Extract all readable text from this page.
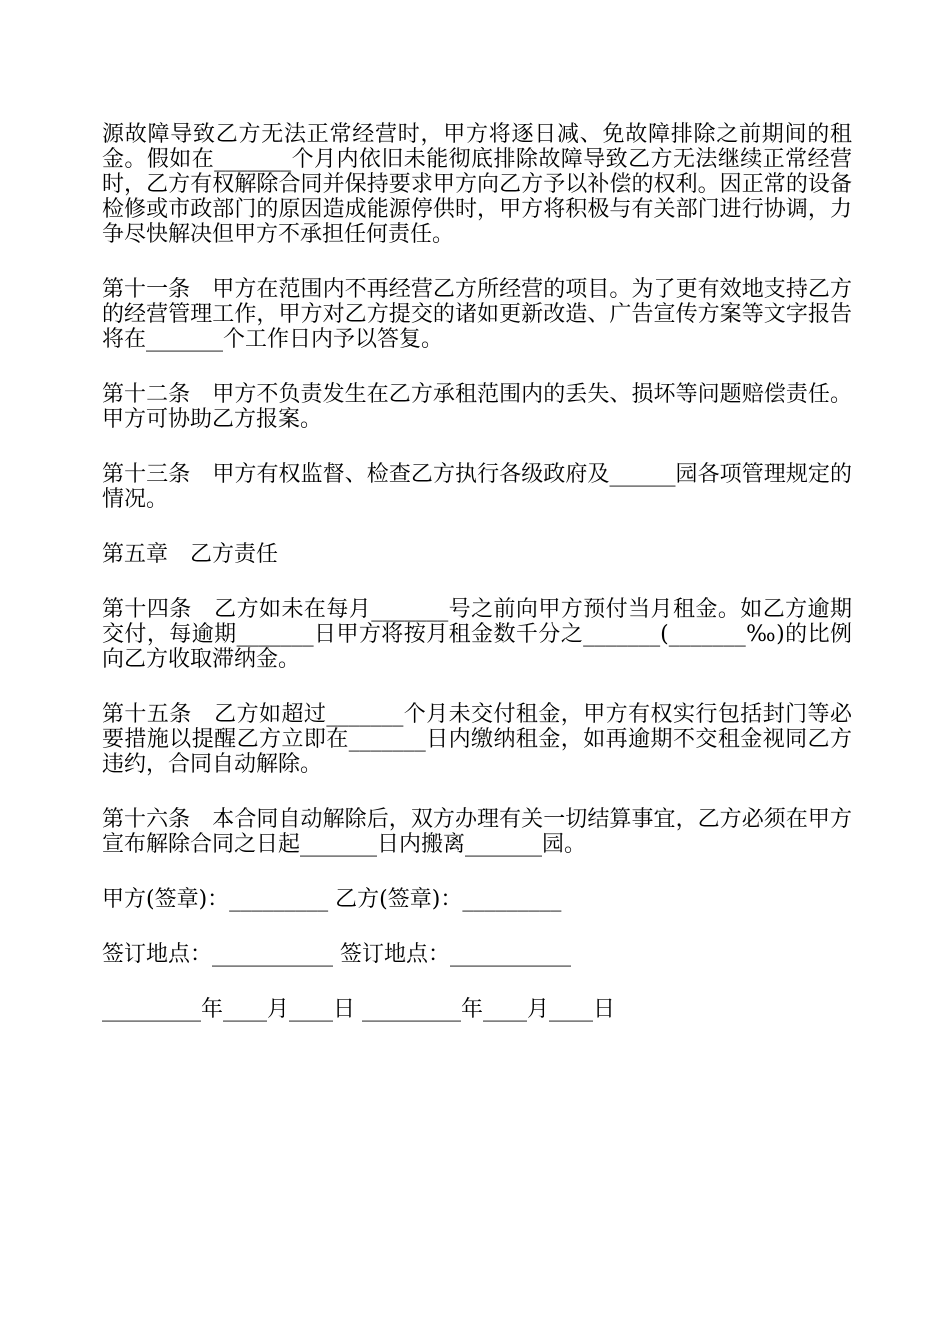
源故障导致乙方无法正常经营时，甲方将逐日减、免故障排除之前期间的租金。假如在_______个月内依旧未能彻底排除故障导致乙方无法继续正常经营时，乙方有权解除合同并保持要求甲方向乙方予以补偿的权利。因正常的设备检修或市政部门的原因造成能源停供时，甲方将积极与有关部门进行协调，力争尽快解决但甲方不承担任何责任。

第十一条　甲方在范围内不再经营乙方所经营的项目。为了更有效地支持乙方的经营管理工作，甲方对乙方提交的诸如更新改造、广告宣传方案等文字报告将在_______个工作日内予以答复。

第十二条　甲方不负责发生在乙方承租范围内的丢失、损坏等问题赔偿责任。甲方可协助乙方报案。

第十三条　甲方有权监督、检查乙方执行各级政府及______园各项管理规定的情况。

第五章　乙方责任

第十四条　乙方如未在每月_______号之前向甲方预付当月租金。如乙方逾期交付，每逾期_______日甲方将按月租金数千分之_______(_______‰)的比例向乙方收取滞纳金。

第十五条　乙方如超过_______个月未交付租金，甲方有权实行包括封门等必要措施以提醒乙方立即在_______日内缴纳租金，如再逾期不交租金视同乙方违约，合同自动解除。

第十六条　本合同自动解除后，双方办理有关一切结算事宜，乙方必须在甲方宣布解除合同之日起_______日内搬离_______园。

甲方(签章)：_________ 乙方(签章)：_________
签订地点：___________ 签订地点：___________
_________年____月____日 _________年____月____日
